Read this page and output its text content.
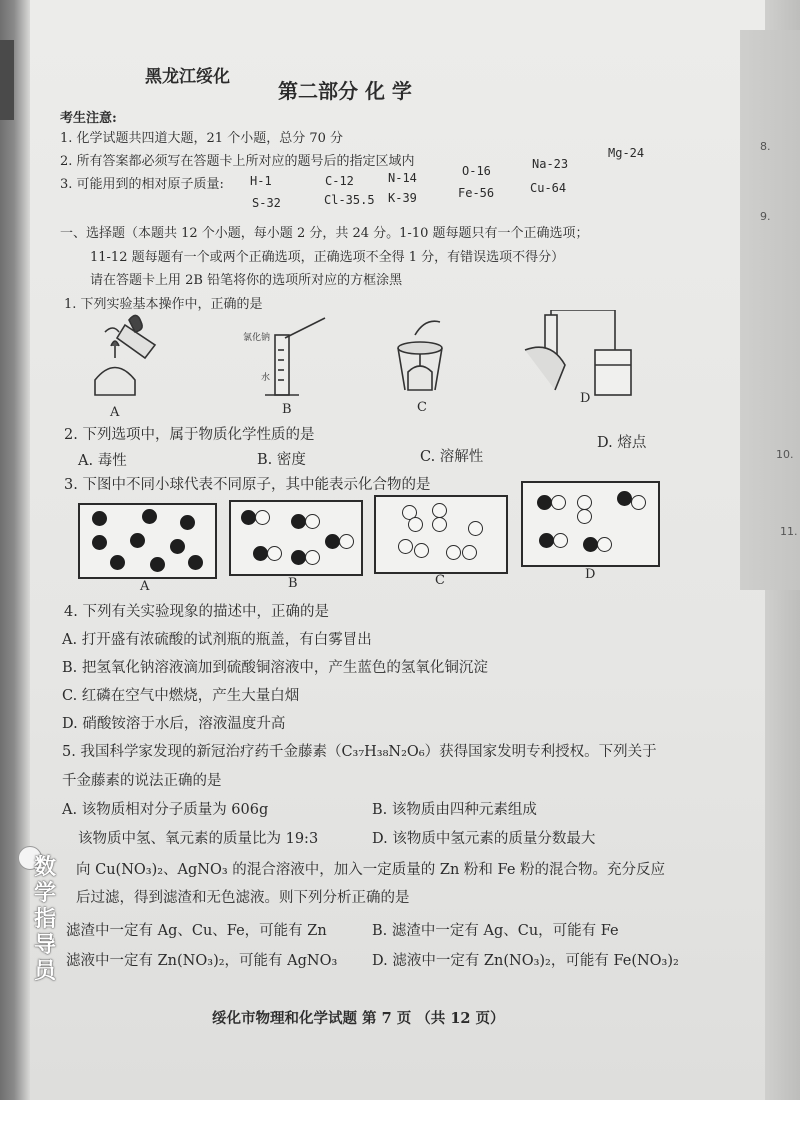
8.
9.
10.
11.
黑龙江绥化
第二部分 化 学
考生注意:
1. 化学试题共四道大题，21 个小题，总分 70 分
2. 所有答案都必须写在答题卡上所对应的题号后的指定区域内
3. 可能用到的相对原子质量: H-1	C-12	N-14	O-16	Na-23
Mg-24
S-32	Cl-35.5 K-39	Fe-56	Cu-64
一、选择题（本题共 12 个小题，每小题 2 分，共 24 分。1-10 题每题只有一个正确选项；
11-12 题每题有一个或两个正确选项，正确选项不全得 1 分，有错误选项不得分）
请在答题卡上用 2B 铅笔将你的选项所对应的方框涂黑
1. 下列实验基本操作中，正确的是
氯化钠
水
A	B	C
D
2. 下列选项中，属于物质化学性质的是
A. 毒性	B. 密度	C. 溶解性
D. 熔点
3. 下图中不同小球代表不同原子，其中能表示化合物的是
A	B	C	D
4. 下列有关实验现象的描述中，正确的是
A. 打开盛有浓硫酸的试剂瓶的瓶盖，有白雾冒出
B. 把氢氧化钠溶液滴加到硫酸铜溶液中，产生蓝色的氢氧化铜沉淀
C. 红磷在空气中燃烧，产生大量白烟
D. 硝酸铵溶于水后，溶液温度升高
5. 我国科学家发现的新冠治疗药千金藤素（C₃₇H₃₈N₂O₆）获得国家发明专利授权。下列关于
千金藤素的说法正确的是
A. 该物质相对分子质量为 606g	B. 该物质由四种元素组成
该物质中氢、氧元素的质量比为 19:3	D. 该物质中氢元素的质量分数最大
向 Cu(NO₃)₂、AgNO₃ 的混合溶液中，加入一定质量的 Zn 粉和 Fe 粉的混合物。充分反应
后过滤，得到滤渣和无色滤液。则下列分析正确的是
滤渣中一定有 Ag、Cu、Fe，可能有 Zn	B. 滤渣中一定有 Ag、Cu，可能有 Fe
滤液中一定有 Zn(NO₃)₂，可能有 AgNO₃ D. 滤液中一定有 Zn(NO₃)₂，可能有 Fe(NO₃)₂
绥化市物理和化学试题 第 7 页 （共 12 页）
数学指导员
